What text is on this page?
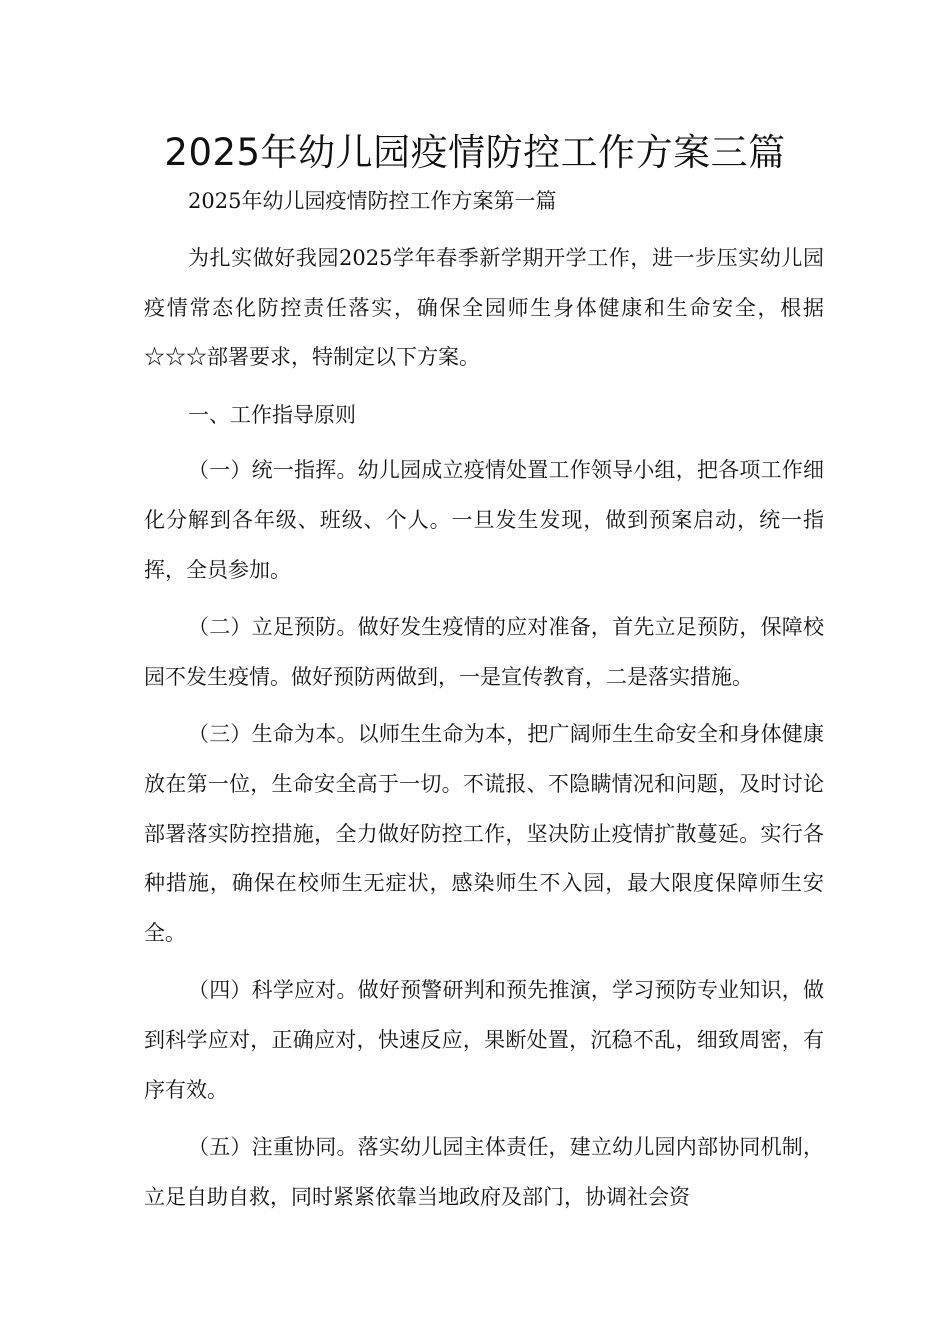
2025年幼儿园疫情防控工作方案三篇

2025年幼儿园疫情防控工作方案第一篇

为扎实做好我园2025学年春季新学期开学工作，进一步压实幼儿园疫情常态化防控责任落实，确保全园师生身体健康和生命安全，根据☆☆☆部署要求，特制定以下方案。

一、工作指导原则

（一）统一指挥。幼儿园成立疫情处置工作领导小组，把各项工作细化分解到各年级、班级、个人。一旦发生发现，做到预案启动，统一指挥，全员参加。

（二）立足预防。做好发生疫情的应对准备，首先立足预防，保障校园不发生疫情。做好预防两做到，一是宣传教育，二是落实措施。

（三）生命为本。以师生生命为本，把广阔师生生命安全和身体健康放在第一位，生命安全高于一切。不谎报、不隐瞒情况和问题，及时讨论部署落实防控措施，全力做好防控工作，坚决防止疫情扩散蔓延。实行各种措施，确保在校师生无症状，感染师生不入园，最大限度保障师生安全。

（四）科学应对。做好预警研判和预先推演，学习预防专业知识，做到科学应对，正确应对，快速反应，果断处置，沉稳不乱，细致周密，有序有效。

（五）注重协同。落实幼儿园主体责任，建立幼儿园内部协同机制，立足自助自救，同时紧紧依靠当地政府及部门，协调社会资
